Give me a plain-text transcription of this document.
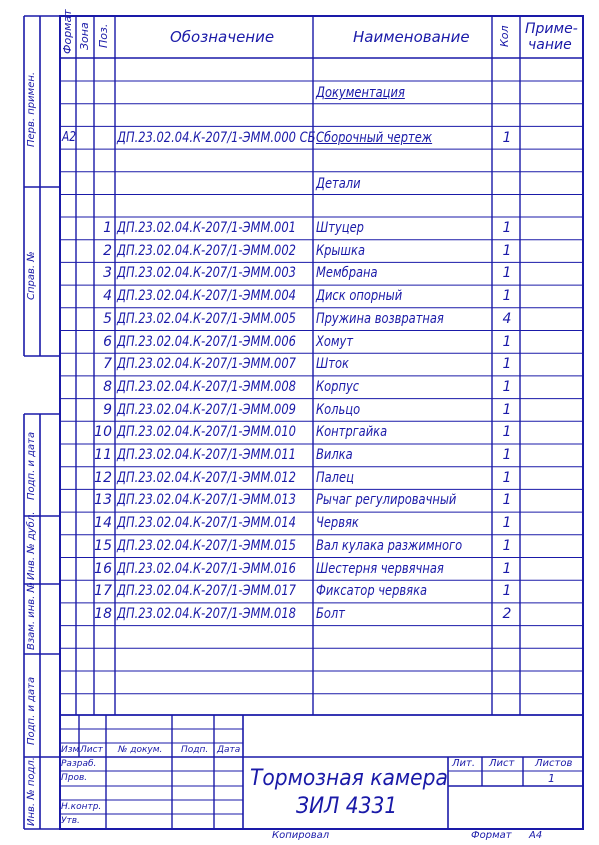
Формат Зона Поз.	Обозначение	Наименование	Кол Приме-
чание
Документация
А2	ДП.23.02.04.К-207/1-ЭММ.000 СБ Сборочный чертеж	1
Детали
1 ДП.23.02.04.К-207/1-ЭММ.001 Штуцер	1
2 ДП.23.02.04.К-207/1-ЭММ.002 Крышка	1
3 ДП.23.02.04.К-207/1-ЭММ.003 Мембрана	1
4 ДП.23.02.04.К-207/1-ЭММ.004 Диск опорный	1
5 ДП.23.02.04.К-207/1-ЭММ.005 Пружина возвратная	4
6 ДП.23.02.04.К-207/1-ЭММ.006 Хомут	1
7 ДП.23.02.04.К-207/1-ЭММ.007 Шток	1
8 ДП.23.02.04.К-207/1-ЭММ.008 Корпус	1
9 ДП.23.02.04.К-207/1-ЭММ.009 Кольцо	1
10 ДП.23.02.04.К-207/1-ЭММ.010 Контргайка	1
11 ДП.23.02.04.К-207/1-ЭММ.011 Вилка	1
12 ДП.23.02.04.К-207/1-ЭММ.012 Палец	1
13 ДП.23.02.04.К-207/1-ЭММ.013 Рычаг регулировачный	1
14 ДП.23.02.04.К-207/1-ЭММ.014 Червяк	1
15 ДП.23.02.04.К-207/1-ЭММ.015 Вал кулака разжимного	1
16 ДП.23.02.04.К-207/1-ЭММ.016 Шестерня червячная	1
17 ДП.23.02.04.К-207/1-ЭММ.017 Фиксатор червяка	1
18 ДП.23.02.04.К-207/1-ЭММ.018 Болт	2
Перв. примен.
Справ. №
Подп. и дата
Инв. № дубл.
Взам. инв. №
Подп. и дата
Инв. № подл.
Изм Лист № докум. Подп. Дата
Разраб.
Пров.
Н.контр.
Утв.
Тормозная камера
ЗИЛ 4331
Лит. Лист Листов
1
Копировал	Формат А4
